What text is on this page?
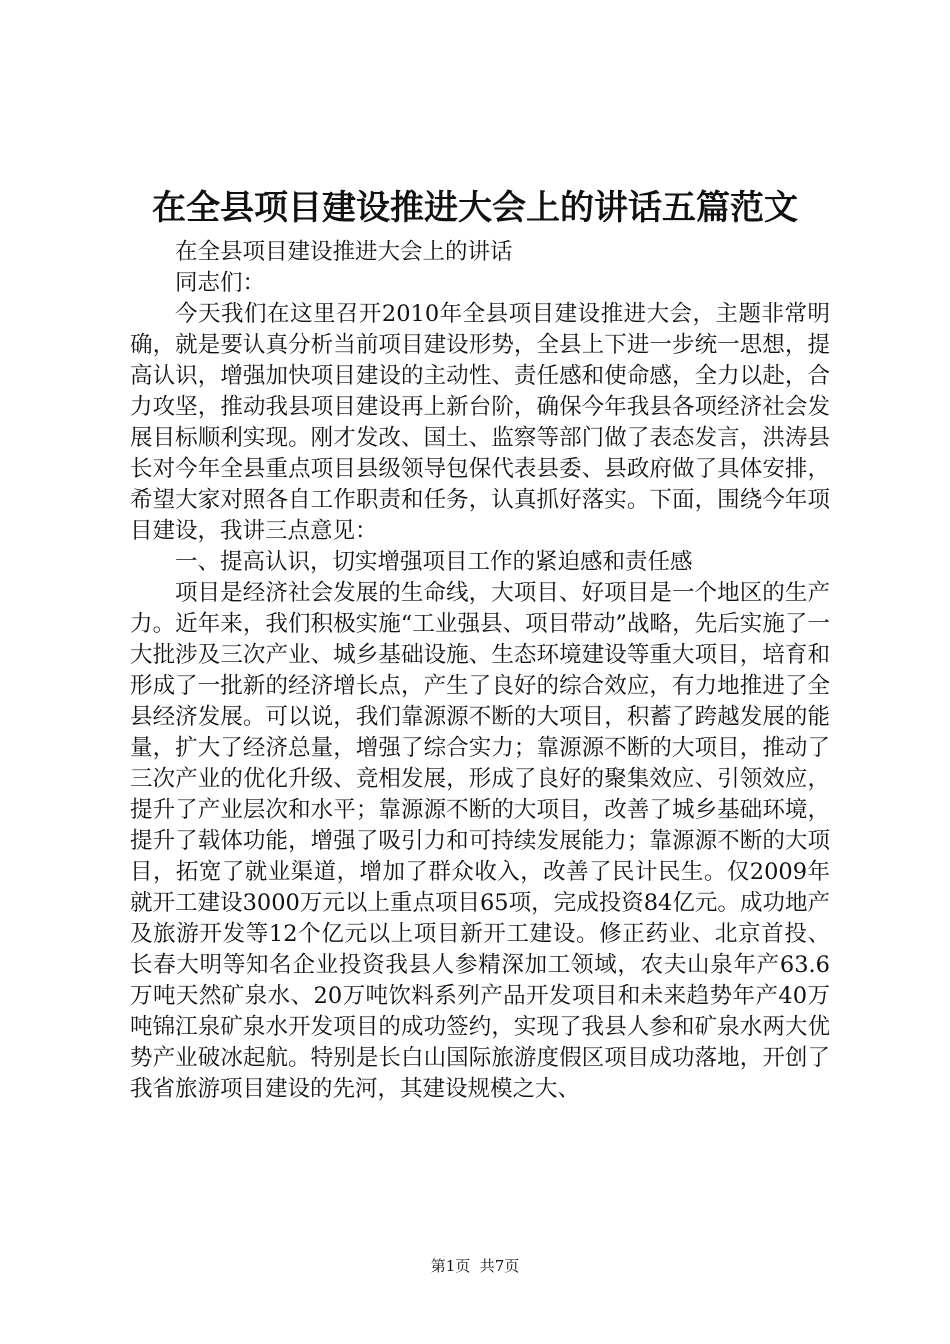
在全县项目建设推进大会上的讲话五篇范文

在全县项目建设推进大会上的讲话

同志们：

今天我们在这里召开2010年全县项目建设推进大会，主题非常明确，就是要认真分析当前项目建设形势，全县上下进一步统一思想，提高认识，增强加快项目建设的主动性、责任感和使命感，全力以赴，合力攻坚，推动我县项目建设再上新台阶，确保今年我县各项经济社会发展目标顺利实现。刚才发改、国土、监察等部门做了表态发言，洪涛县长对今年全县重点项目县级领导包保代表县委、县政府做了具体安排，希望大家对照各自工作职责和任务，认真抓好落实。下面，围绕今年项目建设，我讲三点意见：

一、提高认识，切实增强项目工作的紧迫感和责任感

项目是经济社会发展的生命线，大项目、好项目是一个地区的生产力。近年来，我们积极实施“工业强县、项目带动”战略，先后实施了一大批涉及三次产业、城乡基础设施、生态环境建设等重大项目，培育和形成了一批新的经济增长点，产生了良好的综合效应，有力地推进了全县经济发展。可以说，我们靠源源不断的大项目，积蓄了跨越发展的能量，扩大了经济总量，增强了综合实力；靠源源不断的大项目，推动了三次产业的优化升级、竞相发展，形成了良好的聚集效应、引领效应，提升了产业层次和水平；靠源源不断的大项目，改善了城乡基础环境，提升了载体功能，增强了吸引力和可持续发展能力；靠源源不断的大项目，拓宽了就业渠道，增加了群众收入，改善了民计民生。仅2009年就开工建设3000万元以上重点项目65项，完成投资84亿元。成功地产及旅游开发等12个亿元以上项目新开工建设。修正药业、北京首投、长春大明等知名企业投资我县人参精深加工领域，农夫山泉年产63.6万吨天然矿泉水、20万吨饮料系列产品开发项目和未来趋势年产40万吨锦江泉矿泉水开发项目的成功签约，实现了我县人参和矿泉水两大优势产业破冰起航。特别是长白山国际旅游度假区项目成功落地，开创了我省旅游项目建设的先河，其建设规模之大、

第1页  共7页
